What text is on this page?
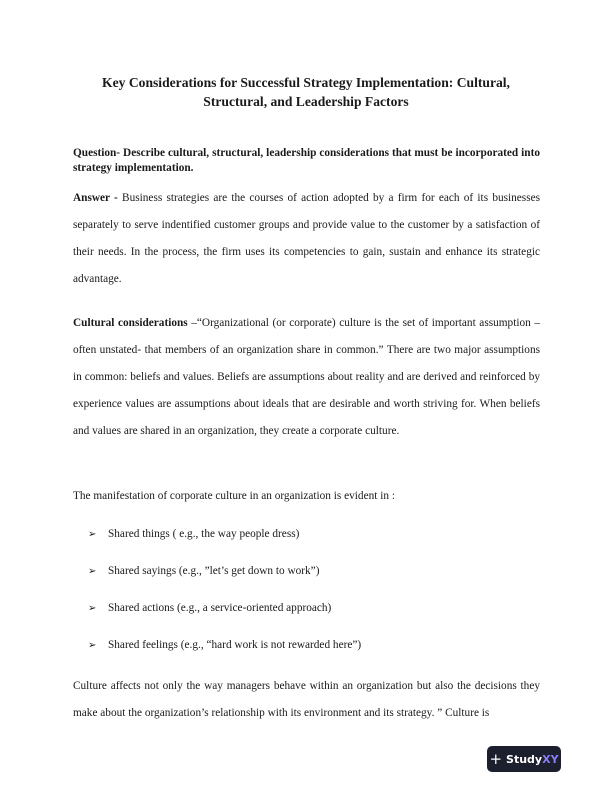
Key Considerations for Successful Strategy Implementation: Cultural,
Structural, and Leadership Factors
Question- Describe cultural, structural, leadership considerations that must be incorporated into strategy implementation.
Answer - Business strategies are the courses of action adopted by a firm for each of its businesses separately to serve indentified customer groups and provide value to the customer by a satisfaction of their needs. In the process, the firm uses its competencies to gain, sustain and enhance its strategic advantage.
Cultural considerations –“Organizational (or corporate) culture is the set of important assumption – often unstated- that members of an organization share in common.” There are two major assumptions in common: beliefs and values. Beliefs are assumptions about reality and are derived and reinforced by experience values are assumptions about ideals that are desirable and worth striving for. When beliefs and values are shared in an organization, they create a corporate culture.
The manifestation of corporate culture in an organization is evident in :
➢	Shared things ( e.g., the way people dress)
➢	Shared sayings (e.g., ”let’s get down to work”)
➢	Shared actions (e.g., a service-oriented approach)
➢	Shared feelings (e.g., “hard work is not rewarded here”)
Culture affects not only the way managers behave within an organization but also the decisions they make about the organization’s relationship with its environment and its strategy. ” Culture is
+ StudyXY
